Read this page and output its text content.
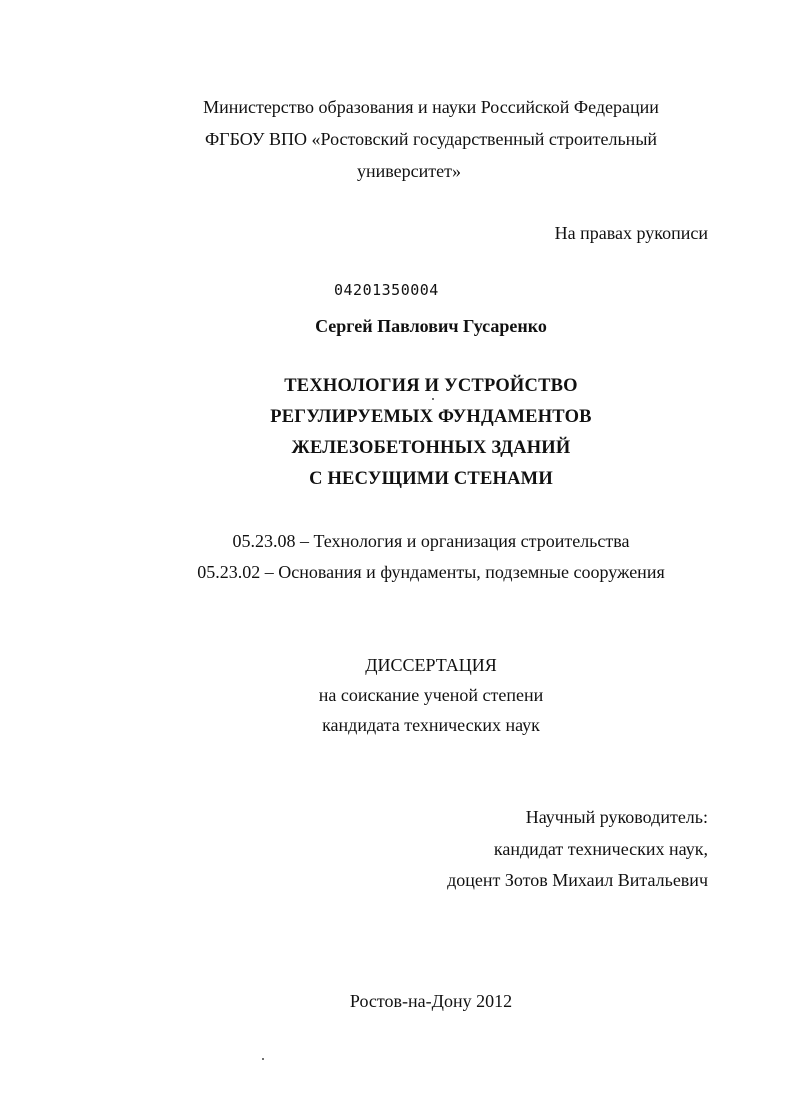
Министерство образования и науки Российской Федерации
ФГБОУ ВПО «Ростовский государственный строительный
университет»
На правах рукописи
04201350004
Сергей Павлович Гусаренко
ТЕХНОЛОГИЯ И УСТРОЙСТВО
РЕГУЛИРУЕМЫХ ФУНДАМЕНТОВ
ЖЕЛЕЗОБЕТОННЫХ ЗДАНИЙ
С НЕСУЩИМИ СТЕНАМИ
05.23.08 – Технология и организация строительства
05.23.02 – Основания и фундаменты, подземные сооружения
ДИССЕРТАЦИЯ
на соискание ученой степени
кандидата технических наук
Научный руководитель:
кандидат технических наук,
доцент Зотов Михаил Витальевич
Ростов-на-Дону 2012
